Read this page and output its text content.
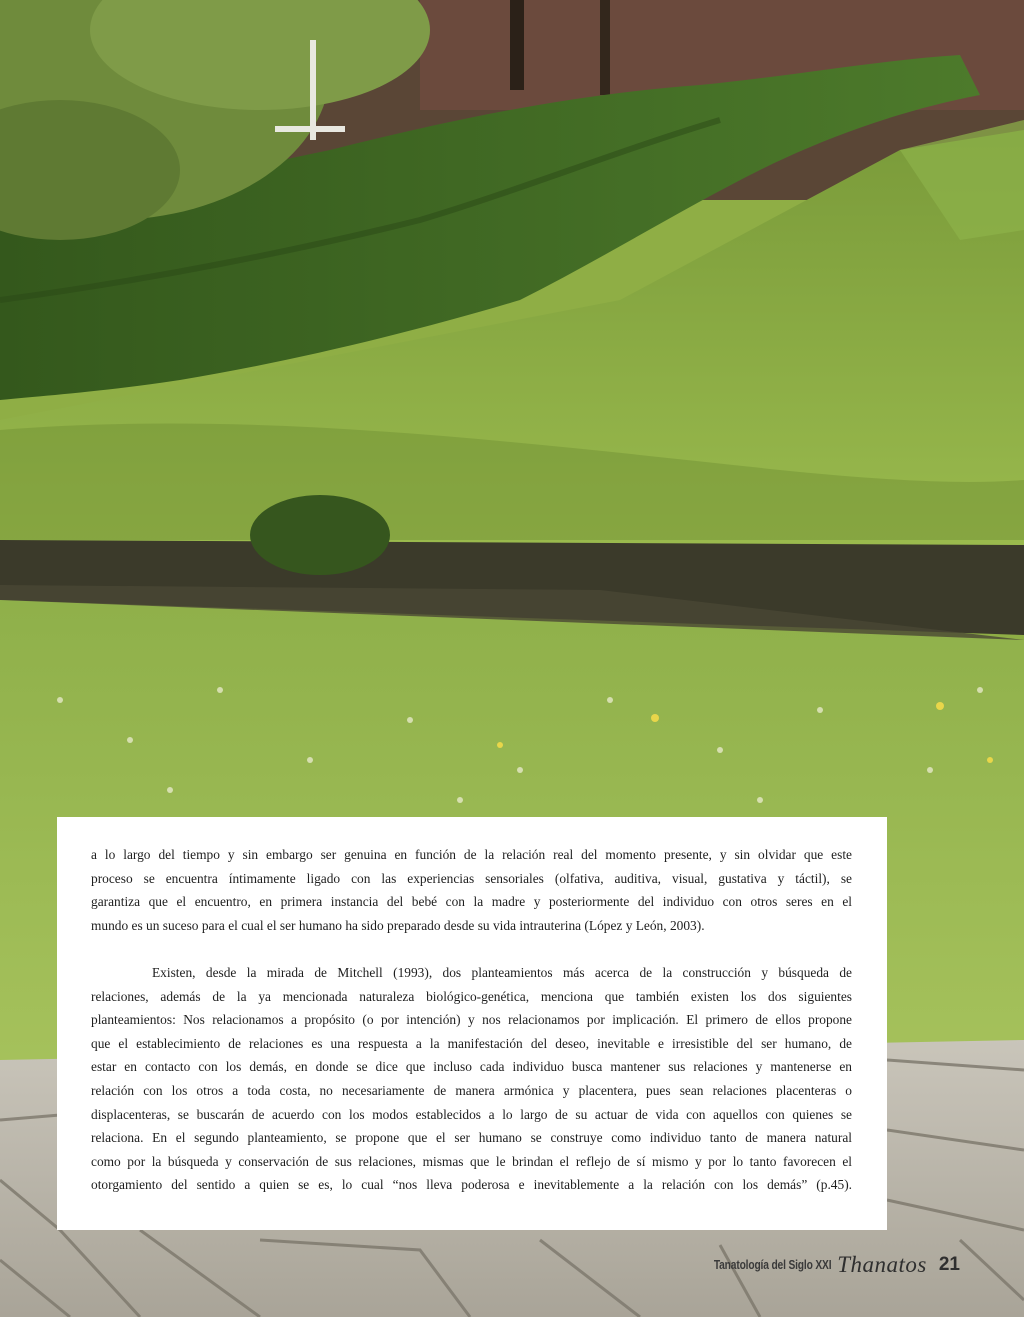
a lo largo del tiempo y sin embargo ser genuina en función de la relación real del momento presente, y sin olvidar que este

proceso se encuentra íntimamente ligado con las experiencias sensoriales (olfativa, auditiva, visual, gustativa y táctil), se

garantiza que el encuentro, en primera instancia del bebé con la madre y posteriormente del individuo con otros seres en el

mundo es un suceso para el cual el ser humano ha sido preparado desde su vida intrauterina (López y León, 2003).

Existen, desde la mirada de Mitchell (1993), dos planteamientos más acerca de la construcción y búsqueda de

relaciones, además de la ya mencionada naturaleza biológico-genética, menciona que también existen los dos siguientes

planteamientos: Nos relacionamos a propósito (o por intención) y nos relacionamos por implicación. El primero de ellos propone

que el establecimiento de relaciones es una respuesta a la manifestación del deseo, inevitable e irresistible del ser humano, de

estar en contacto con los demás, en donde se dice que incluso cada individuo busca mantener sus relaciones y mantenerse en

relación con los otros a toda costa, no necesariamente de manera armónica y placentera, pues sean relaciones placenteras o

displacenteras, se buscarán de acuerdo con los modos establecidos a lo largo de su actuar de vida con aquellos con quienes se

relaciona. En el segundo planteamiento, se propone que el ser humano se construye como individuo tanto de manera natural

como por la búsqueda y conservación de sus relaciones, mismas que le brindan el reflejo de sí mismo y por lo tanto favorecen el

otorgamiento del sentido a quien se es, lo cual “nos lleva poderosa e inevitablemente a la relación con los demás” (p.45).

Tanatología del Siglo XXI Thanatos 21
